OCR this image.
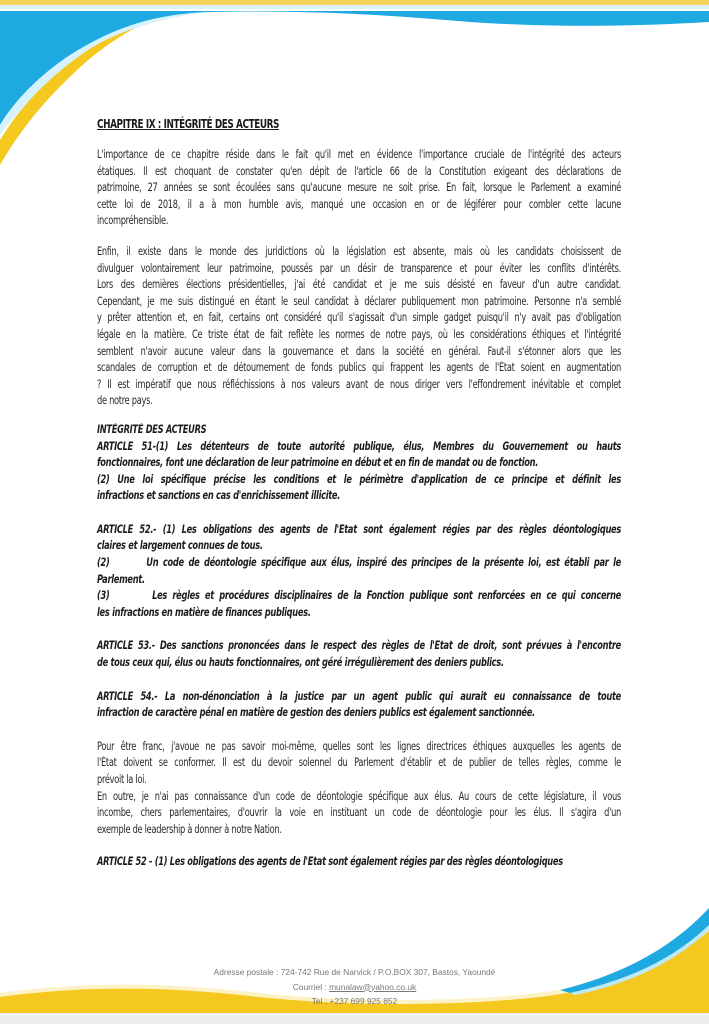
CHAPITRE IX : INTÉGRITÉ DES ACTEURS
L'importance de ce chapitre réside dans le fait qu'il met en évidence l'importance cruciale de l'intégrité des acteurs
étatiques. Il est choquant de constater qu'en dépit de l'article 66 de la Constitution exigeant des déclarations de
patrimoine, 27 années se sont écoulées sans qu'aucune mesure ne soit prise. En fait, lorsque le Parlement a examiné
cette loi de 2018, il a à mon humble avis, manqué une occasion en or de légiférer pour combler cette lacune
incompréhensible.
Enfin, il existe dans le monde des juridictions où la législation est absente, mais où les candidats choisissent de
divulguer volontairement leur patrimoine, poussés par un désir de transparence et pour éviter les conflits d'intérêts.
Lors des dernières élections présidentielles, j'ai été candidat et je me suis désisté en faveur d'un autre candidat.
Cependant, je me suis distingué en étant le seul candidat à déclarer publiquement mon patrimoine. Personne n'a semblé
y prêter attention et, en fait, certains ont considéré qu'il s'agissait d'un simple gadget puisqu'il n'y avait pas d'obligation
légale en la matière. Ce triste état de fait reflète les normes de notre pays, où les considérations éthiques et l'intégrité
semblent n'avoir aucune valeur dans la gouvernance et dans la société en général. Faut-il s'étonner alors que les
scandales de corruption et de détournement de fonds publics qui frappent les agents de l'État soient en augmentation
? Il est impératif que nous réfléchissions à nos valeurs avant de nous diriger vers l'effondrement inévitable et complet
de notre pays.
INTÉGRITÉ DES ACTEURS
ARTICLE 51-(1) Les détenteurs de toute autorité publique, élus, Membres du Gouvernement ou hauts
fonctionnaires, font une déclaration de leur patrimoine en début et en fin de mandat ou de fonction.
(2) Une loi spécifique précise les conditions et le périmètre d'application de ce principe et définit les
infractions et sanctions en cas d'enrichissement illicite.
ARTICLE 52.- (1) Les obligations des agents de l'Etat sont également régies par des règles déontologiques
claires et largement connues de tous.
(2)        Un code de déontologie spécifique aux élus, inspiré des principes de la présente loi, est établi par le
Parlement.
(3)        Les règles et procédures disciplinaires de la Fonction publique sont renforcées en ce qui concerne
les infractions en matière de finances publiques.
ARTICLE 53.- Des sanctions prononcées dans le respect des règles de l'Etat de droit, sont prévues à l'encontre
de tous ceux qui, élus ou hauts fonctionnaires, ont géré irrégulièrement des deniers publics.
ARTICLE 54.- La non-dénonciation à la justice par un agent public qui aurait eu connaissance de toute
infraction de caractère pénal en matière de gestion des deniers publics est également sanctionnée.
Pour être franc, j'avoue ne pas savoir moi-même, quelles sont les lignes directrices éthiques auxquelles les agents de
l'État doivent se conformer. Il est du devoir solennel du Parlement d'établir et de publier de telles règles, comme le
prévoit la loi.
En outre, je n'ai pas connaissance d'un code de déontologie spécifique aux élus. Au cours de cette législature, il vous
incombe, chers parlementaires, d'ouvrir la voie en instituant un code de déontologie pour les élus. Il s'agira d'un
exemple de leadership à donner à notre Nation.
ARTICLE 52 - (1) Les obligations des agents de l'Etat sont également régies par des règles déontologiques
Adresse postale : 724-742 Rue de Narvick / P.O.BOX 307, Bastos, Yaoundé
Courriel : munalaw@yahoo.co.uk
Tel : +237 699 925 852
